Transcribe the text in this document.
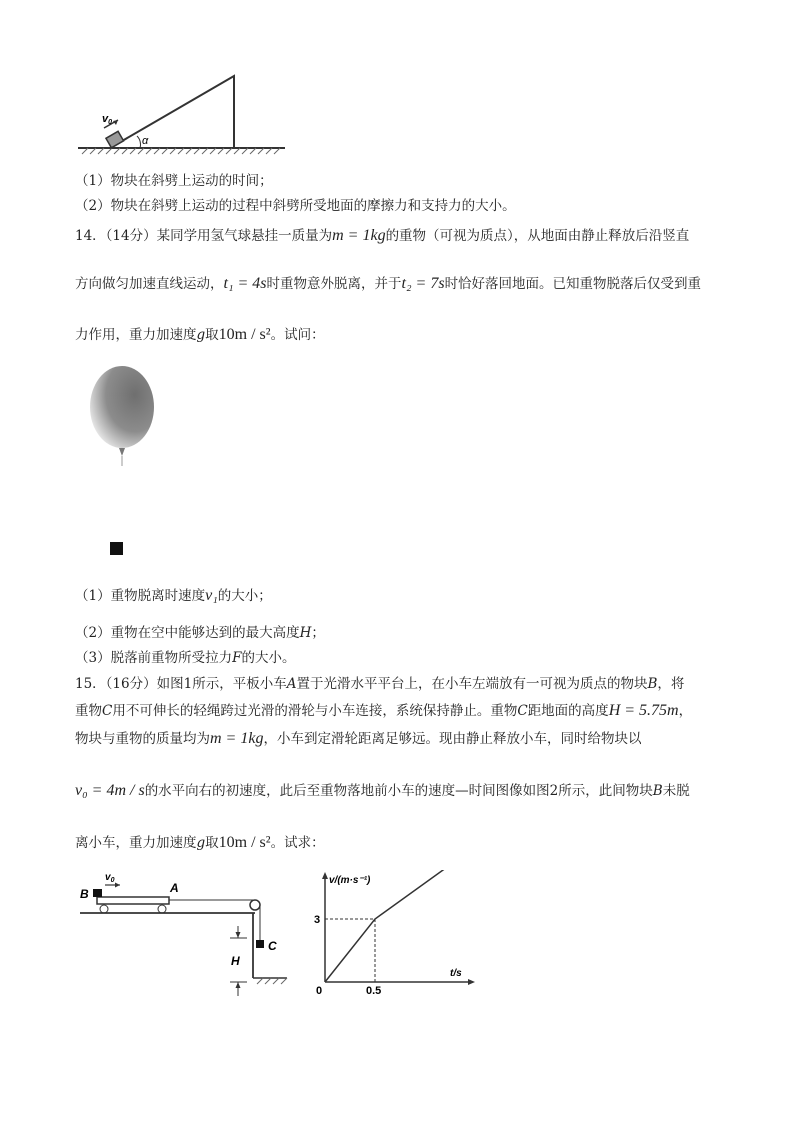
α
v0
（1）物块在斜劈上运动的时间；
（2）物块在斜劈上运动的过程中斜劈所受地面的摩擦力和支持力的大小。
14．（14分）某同学用氢气球悬挂一质量为m = 1kg的重物（可视为质点），从地面由静止释放后沿竖直
方向做匀加速直线运动，t₁ = 4s时重物意外脱离，并于t₂ = 7s时恰好落回地面。已知重物脱落后仅受到重
力作用，重力加速度g取10m / s²。试问：
（1）重物脱离时速度v₁的大小；
（2）重物在空中能够达到的最大高度H；
（3）脱落前重物所受拉力F的大小。
15．（16分）如图1所示，平板小车A置于光滑水平平台上，在小车左端放有一可视为质点的物块B，将
重物C用不可伸长的轻绳跨过光滑的滑轮与小车连接，系统保持静止。重物C距地面的高度H = 5.75m，
物块与重物的质量均为m = 1kg，小车到定滑轮距离足够远。现由静止释放小车，同时给物块以
v₀ = 4m / s的水平向右的初速度，此后至重物落地前小车的速度—时间图像如图2所示，此间物块B未脱
离小车，重力加速度g取10m / s²。试求：
B	A
$v_0$
C
H
v/(m·s⁻¹)
t/s
0
3
0.5
